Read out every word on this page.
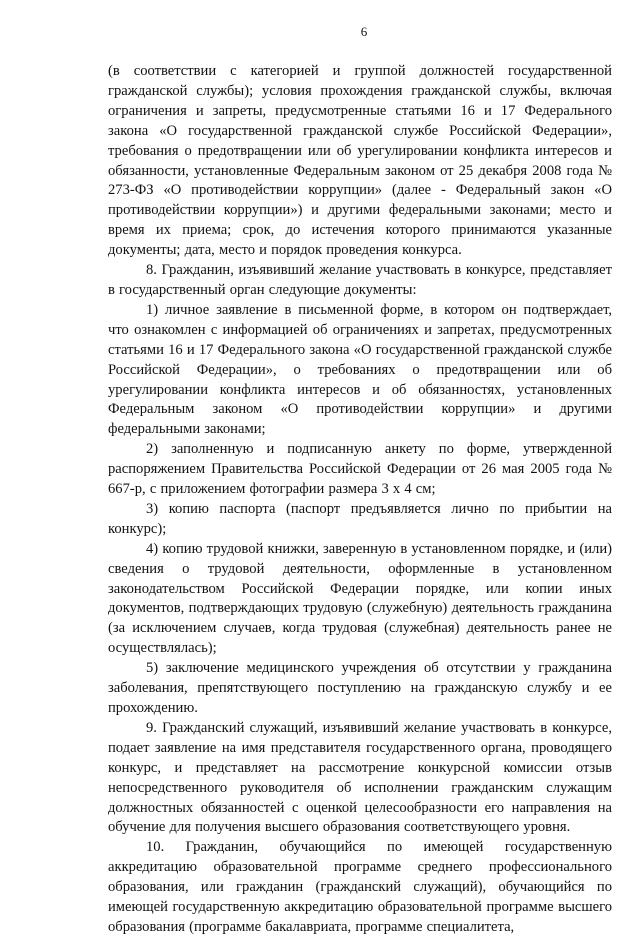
6

(в соответствии с категорией и группой должностей государственной гражданской службы); условия прохождения гражданской службы, включая ограничения и запреты, предусмотренные статьями 16 и 17 Федерального закона «О государственной гражданской службе Российской Федерации», требования о предотвращении или об урегулировании конфликта интересов и обязанности, установленные Федеральным законом от 25 декабря 2008 года № 273-ФЗ «О противодействии коррупции» (далее - Федеральный закон «О противодействии коррупции») и другими федеральными законами; место и время их приема; срок, до истечения которого принимаются указанные документы; дата, место и порядок проведения конкурса.

8. Гражданин, изъявивший желание участвовать в конкурсе, представляет в государственный орган следующие документы:

1) личное заявление в письменной форме, в котором он подтверждает, что ознакомлен с информацией об ограничениях и запретах, предусмотренных статьями 16 и 17 Федерального закона «О государственной гражданской службе Российской Федерации», о требованиях о предотвращении или об урегулировании конфликта интересов и об обязанностях, установленных Федеральным законом «О противодействии коррупции» и другими федеральными законами;

2) заполненную и подписанную анкету по форме, утвержденной распоряжением Правительства Российской Федерации от 26 мая 2005 года № 667-р, с приложением фотографии размера 3 х 4 см;

3) копию паспорта (паспорт предъявляется лично по прибытии на конкурс);

4) копию трудовой книжки, заверенную в установленном порядке, и (или) сведения о трудовой деятельности, оформленные в установленном законодательством Российской Федерации порядке, или копии иных документов, подтверждающих трудовую (служебную) деятельность гражданина (за исключением случаев, когда трудовая (служебная) деятельность ранее не осуществлялась);

5) заключение медицинского учреждения об отсутствии у гражданина заболевания, препятствующего поступлению на гражданскую службу и ее прохождению.

9. Гражданский служащий, изъявивший желание участвовать в конкурсе, подает заявление на имя представителя государственного органа, проводящего конкурс, и представляет на рассмотрение конкурсной комиссии отзыв непосредственного руководителя об исполнении гражданским служащим должностных обязанностей с оценкой целесообразности его направления на обучение для получения высшего образования соответствующего уровня.

10. Гражданин, обучающийся по имеющей государственную аккредитацию образовательной программе среднего профессионального образования, или гражданин (гражданский служащий), обучающийся по имеющей государственную аккредитацию образовательной программе высшего образования (программе бакалавриата, программе специалитета,
